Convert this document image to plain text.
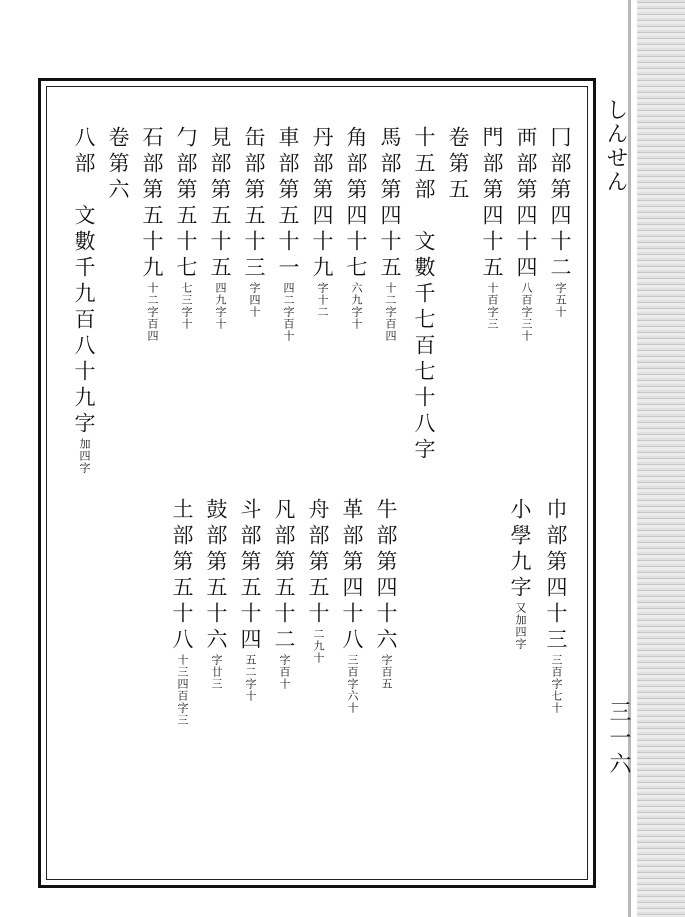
しんせん
三一六
冂部第四十二字五十
襾部第四十四八百字三十
門部第四十五十百字三
卷第五
十五部　文數千七百七十八字
馬部第四十五十二字百四
角部第四十七六九字十
丹部第四十九字十二
車部第五十一四二字百十
缶部第五十三字四十
見部第五十五四九字十
勹部第五十七七三字十
石部第五十九十二字百四
卷第六
八部　文數千九百八十九字加四字
巾部第四十三三百字七十
小學九字又加四字
牛部第四十六字百五
革部第四十八三百字六十
舟部第五十二九十
凡部第五十二字百十
斗部第五十四五二字十
鼓部第五十六字廿三
土部第五十八十三四百字三
